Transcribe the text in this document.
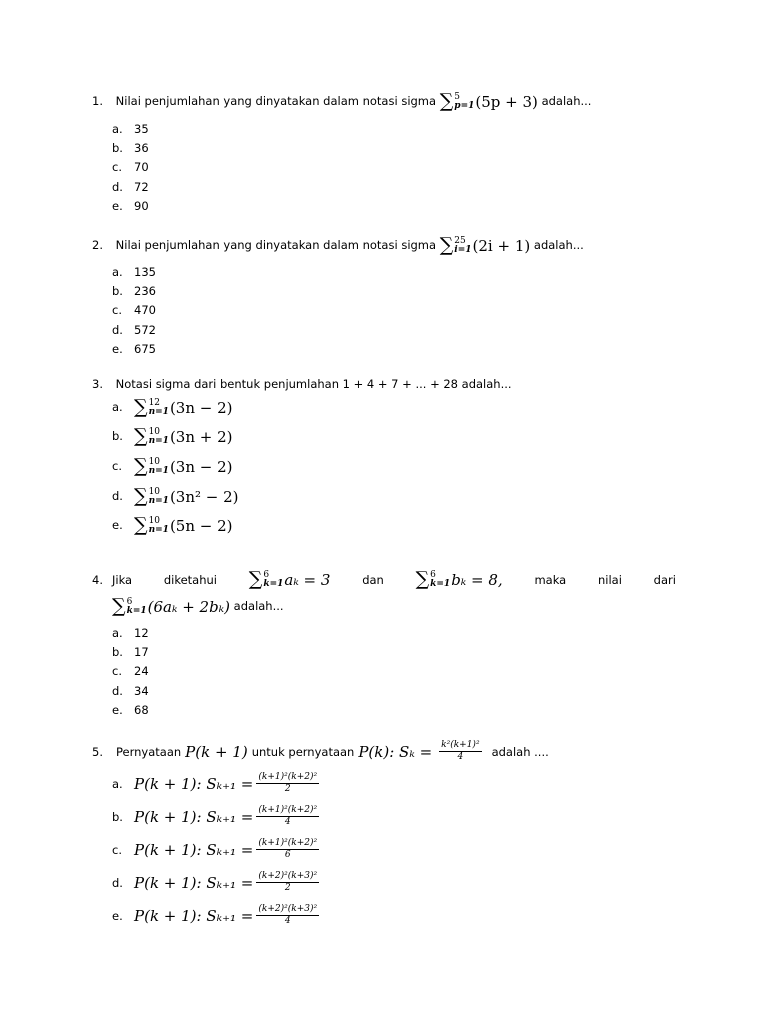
1. Nilai penjumlahan yang dinyatakan dalam notasi sigma ∑ 5
p=1 (5p + 3) adalah...
a. 35
b. 36
c. 70
d. 72
e. 90
2. Nilai penjumlahan yang dinyatakan dalam notasi sigma ∑ 25
i=1 (2i + 1) adalah...
a. 135
b. 236
c. 470
d. 572
e. 675
3. Notasi sigma dari bentuk penjumlahan 1 + 4 + 7 + ... + 28 adalah...
a. ∑ 12
n=1 (3n − 2)
b. ∑ 10
n=1 (3n + 2)
c. ∑ 10
n=1 (3n − 2)
d. ∑ 10
n=1 (3n² − 2)
e. ∑ 10
n=1 (5n − 2)
4. Jika	diketahui ∑ 6
k=1 aₖ = 3	dan ∑ 6
k=1 bₖ = 8,	maka	nilai	dari
∑ 6
k=1 (6aₖ + 2bₖ) adalah...
a. 12
b. 17
c. 24
d. 34
e. 68
5.	Pernyataan P(k + 1) untuk pernyataan P(k): $S_k = \frac{\text{k²(k+1)²}}{4}$ adalah ....
a. P(k + 1): $S_{k+1} = \frac{\text{(k+1)²(k+2)²}}{2}$
b. P(k + 1): $S_{k+1} = \frac{\text{(k+1)²(k+2)²}}{4}$
c. P(k + 1): $S_{k+1} = \frac{\text{(k+1)²(k+2)²}}{6}$
d. P(k + 1): $S_{k+1} = \frac{\text{(k+2)²(k+3)²}}{2}$
e. P(k + 1): $S_{k+1} = \frac{\text{(k+2)²(k+3)²}}{4}$
